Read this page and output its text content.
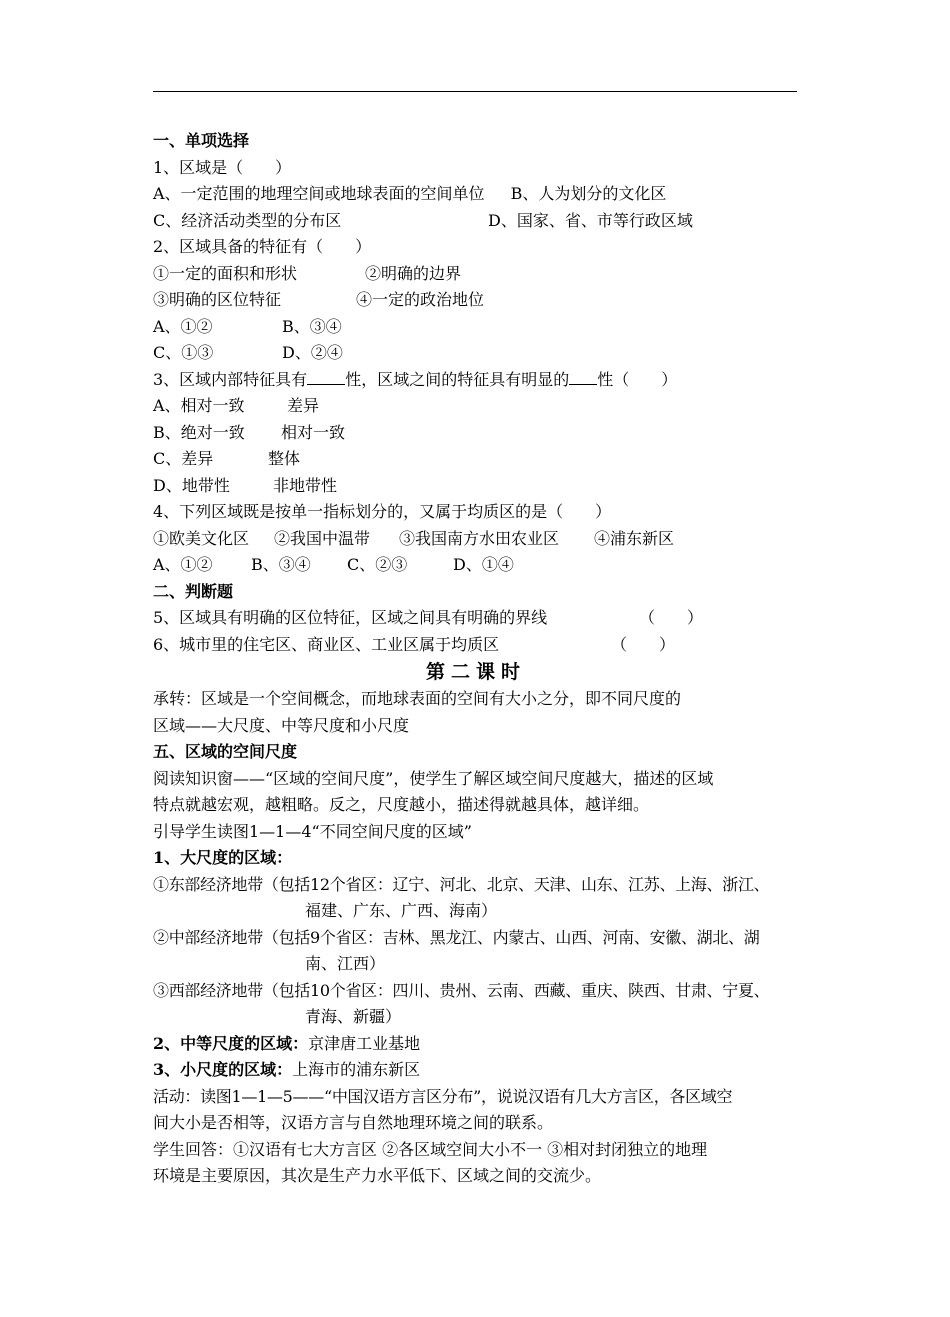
一、单项选择
1、区域是（　　）
A、一定范围的地理空间或地球表面的空间单位 B、人为划分的文化区
C、经济活动类型的分布区	D、国家、省、市等行政区域
2、区域具备的特征有（　　）
①一定的面积和形状	②明确的边界
③明确的区位特征	④一定的政治地位
A、①②	B、③④
C、①③	D、②④
3、区域内部特征具有 性，区域之间的特征具有明显的 性（　　）
A、相对一致	差异
B、绝对一致 相对一致
C、差异	整体
D、地带性	非地带性
4、下列区域既是按单一指标划分的，又属于均质区的是（　　）
①欧美文化区 ②我国中温带 ③我国南方水田农业区 ④浦东新区
A、①② B、③④ C、②③	D、①④
二、判断题
5、区域具有明确的区位特征，区域之间具有明确的界线	（　　）
6、城市里的住宅区、商业区、工业区属于均质区	（　　）
第二课时
承转：区域是一个空间概念，而地球表面的空间有大小之分，即不同尺度的
区域——大尺度、中等尺度和小尺度
五、区域的空间尺度
阅读知识窗——“区域的空间尺度”，使学生了解区域空间尺度越大，描述的区域
特点就越宏观，越粗略。反之，尺度越小，描述得就越具体，越详细。
引导学生读图1—1—4“不同空间尺度的区域”
1、大尺度的区域：
①东部经济地带（包括12个省区：辽宁、河北、北京、天津、山东、江苏、上海、浙江、
福建、广东、广西、海南）
②中部经济地带（包括9个省区：吉林、黑龙江、内蒙古、山西、河南、安徽、湖北、湖
南、江西）
③西部经济地带（包括10个省区：四川、贵州、云南、西藏、重庆、陕西、甘肃、宁夏、
青海、新疆）
2、中等尺度的区域：京津唐工业基地
3、小尺度的区域：上海市的浦东新区
活动：读图1—1—5——“中国汉语方言区分布”，说说汉语有几大方言区，各区域空
间大小是否相等，汉语方言与自然地理环境之间的联系。
学生回答：①汉语有七大方言区 ②各区域空间大小不一 ③相对封闭独立的地理
环境是主要原因，其次是生产力水平低下、区域之间的交流少。
